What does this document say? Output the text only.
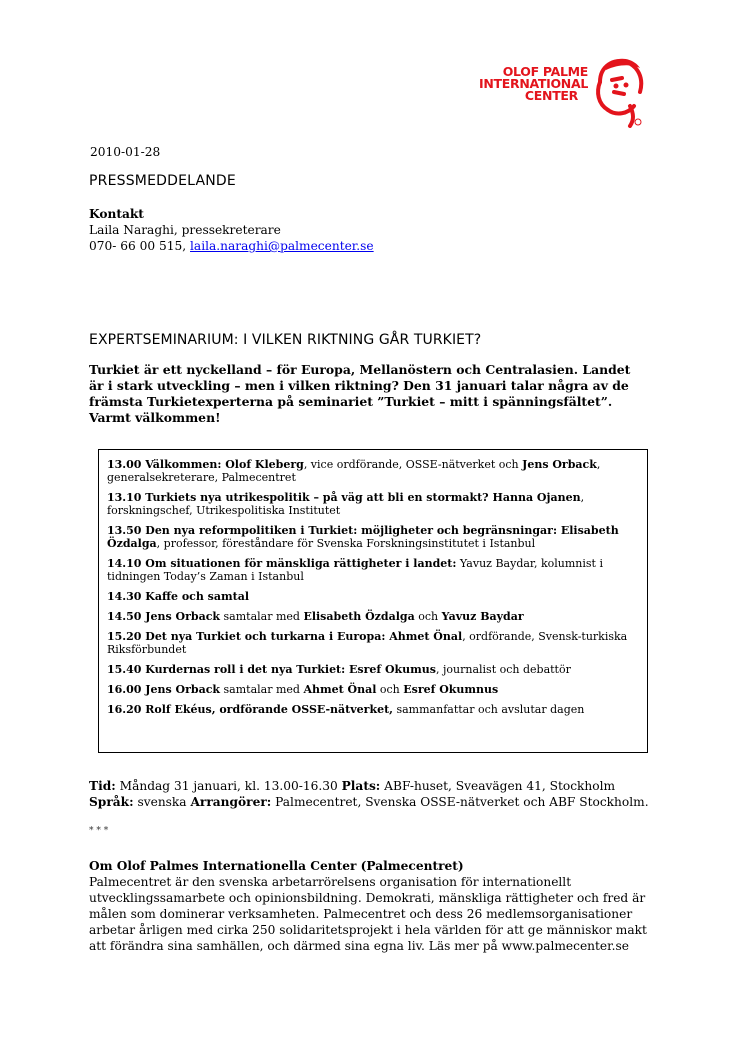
OLOF PALME
INTERNATIONAL
CENTER
2010-01-28
PRESSMEDDELANDE
Kontakt
Laila Naraghi, pressekreterare
070- 66 00 515, laila.naraghi@palmecenter.se
EXPERTSEMINARIUM: I VILKEN RIKTNING GÅR TURKIET?
Turkiet är ett nyckelland – för Europa, Mellanöstern och Centralasien. Landet är i stark utveckling – men i vilken riktning? Den 31 januari talar några av de främsta Turkietexperterna på seminariet ”Turkiet – mitt i spänningsfältet”. Varmt välkommen!
13.00 Välkommen: Olof Kleberg, vice ordförande, OSSE-nätverket och Jens Orback, generalsekreterare, Palmecentret
13.10 Turkiets nya utrikespolitik – på väg att bli en stormakt? Hanna Ojanen, forskningschef, Utrikespolitiska Institutet
13.50 Den nya reformpolitiken i Turkiet: möjligheter och begränsningar: Elisabeth Özdalga, professor, föreståndare för Svenska Forskningsinstitutet i Istanbul
14.10 Om situationen för mänskliga rättigheter i landet: Yavuz Baydar, kolumnist i tidningen Today’s Zaman i Istanbul
14.30 Kaffe och samtal
14.50 Jens Orback samtalar med Elisabeth Özdalga och Yavuz Baydar
15.20 Det nya Turkiet och turkarna i Europa: Ahmet Önal, ordförande, Svensk-turkiska Riksförbundet
15.40 Kurdernas roll i det nya Turkiet: Esref Okumus, journalist och debattör
16.00 Jens Orback samtalar med Ahmet Önal och Esref Okumnus
16.20 Rolf Ekéus, ordförande OSSE-nätverket, sammanfattar och avslutar dagen
Tid: Måndag 31 januari, kl. 13.00-16.30 Plats: ABF-huset, Sveavägen 41, Stockholm
Språk: svenska Arrangörer: Palmecentret, Svenska OSSE-nätverket och ABF Stockholm.
* * *
Om Olof Palmes Internationella Center (Palmecentret)
Palmecentret är den svenska arbetarrörelsens organisation för internationellt utvecklingssamarbete och opinionsbildning. Demokrati, mänskliga rättigheter och fred är målen som dominerar verksamheten. Palmecentret och dess 26 medlemsorganisationer arbetar årligen med cirka 250 solidaritetsprojekt i hela världen för att ge människor makt att förändra sina samhällen, och därmed sina egna liv. Läs mer på www.palmecenter.se
